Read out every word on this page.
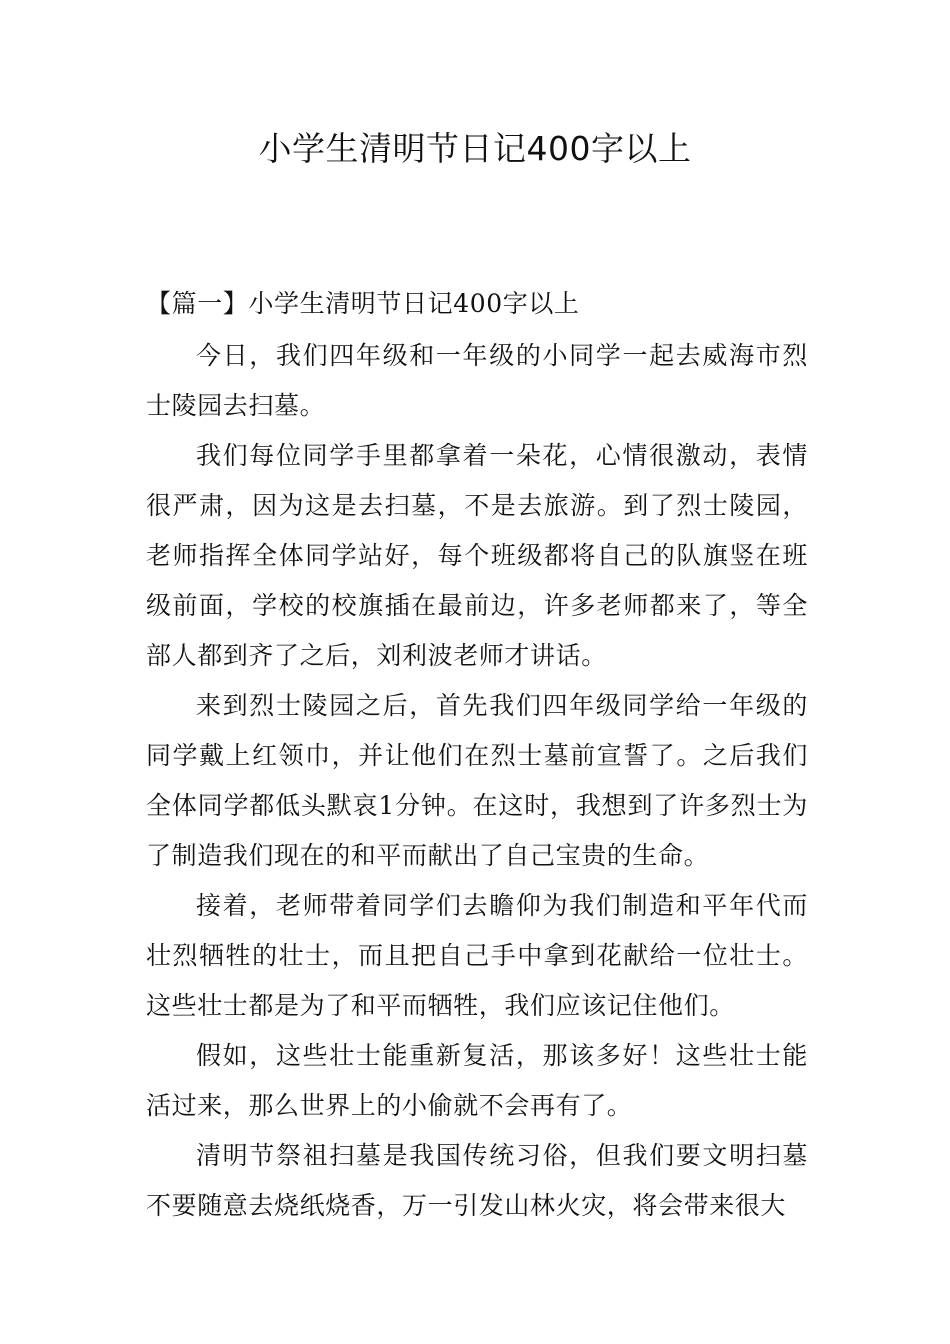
小学生清明节日记400字以上

【篇一】小学生清明节日记400字以上

今日，我们四年级和一年级的小同学一起去威海市烈士陵园去扫墓。

我们每位同学手里都拿着一朵花，心情很激动，表情很严肃，因为这是去扫墓，不是去旅游。到了烈士陵园，老师指挥全体同学站好，每个班级都将自己的队旗竖在班级前面，学校的校旗插在最前边，许多老师都来了，等全部人都到齐了之后，刘利波老师才讲话。

来到烈士陵园之后，首先我们四年级同学给一年级的同学戴上红领巾，并让他们在烈士墓前宣誓了。之后我们全体同学都低头默哀1分钟。在这时，我想到了许多烈士为了制造我们现在的和平而献出了自己宝贵的生命。

接着，老师带着同学们去瞻仰为我们制造和平年代而壮烈牺牲的壮士，而且把自己手中拿到花献给一位壮士。这些壮士都是为了和平而牺牲，我们应该记住他们。

假如，这些壮士能重新复活，那该多好！这些壮士能活过来，那么世界上的小偷就不会再有了。

清明节祭祖扫墓是我国传统习俗，但我们要文明扫墓不要随意去烧纸烧香，万一引发山林火灾，将会带来很大
